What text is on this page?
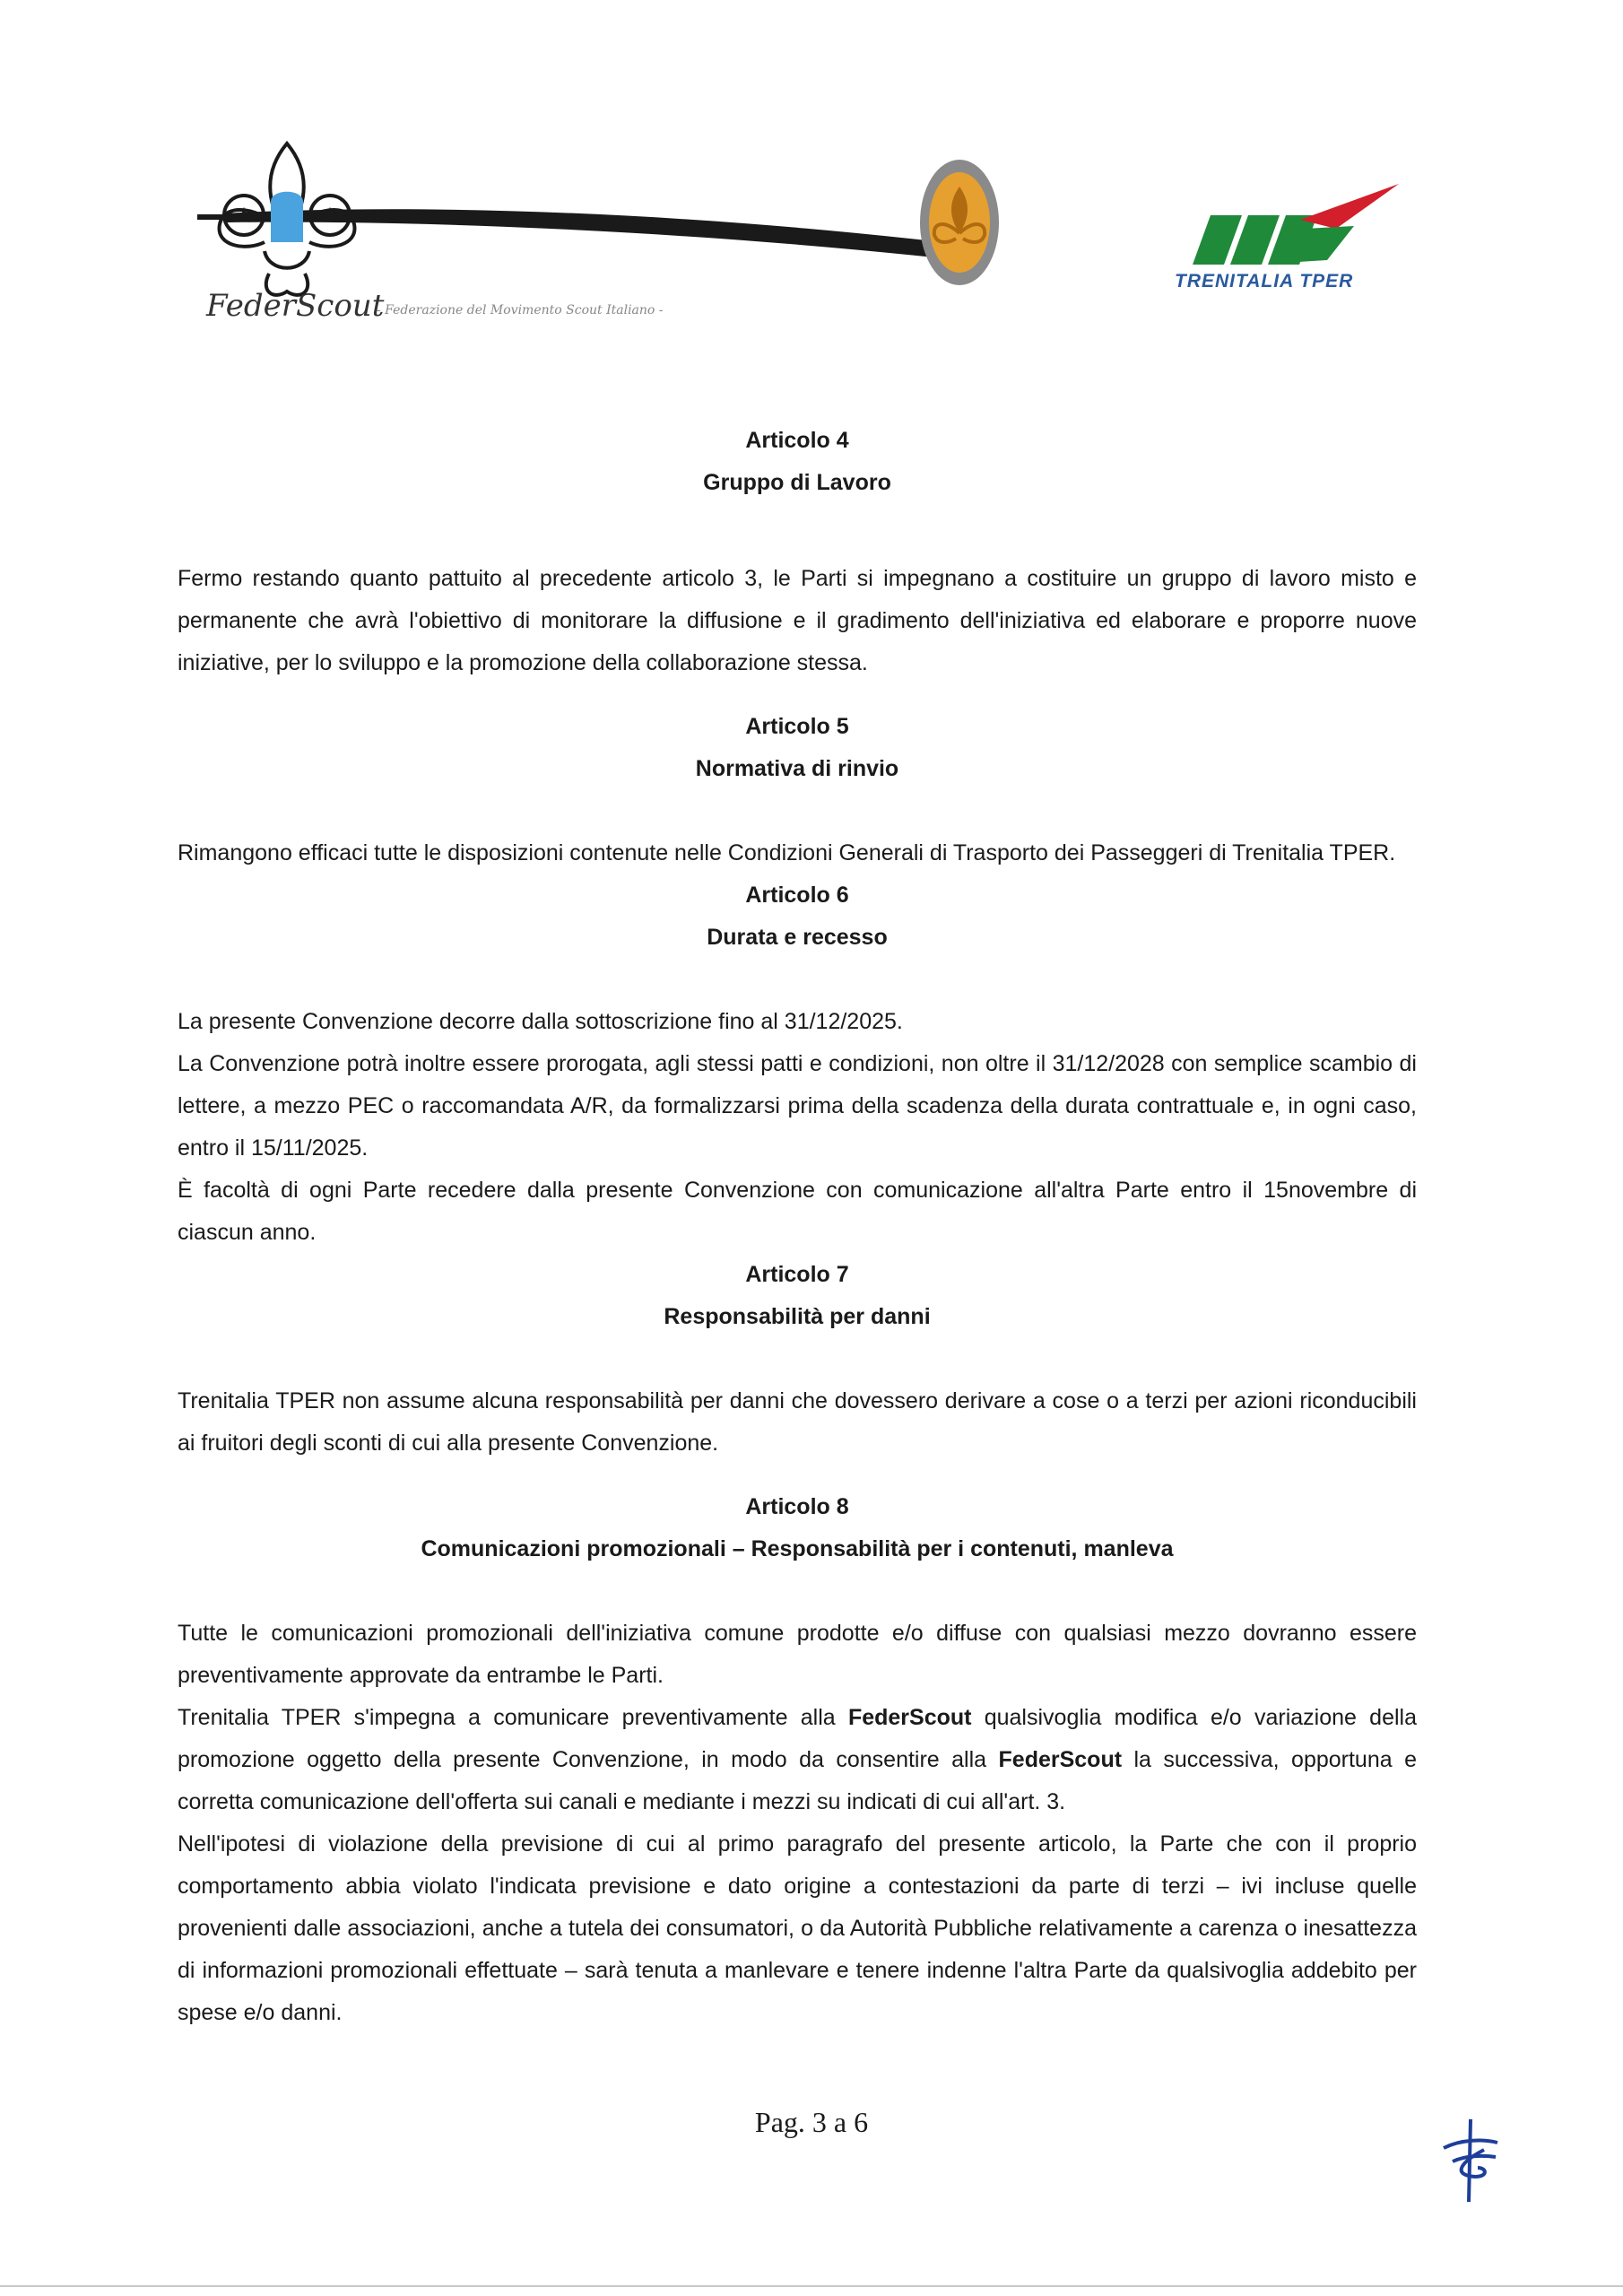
★	★
FederScout
- Federazione del Movimento Scout Italiano -
TRENITALIA TPER

Articolo 4

Gruppo di Lavoro

Fermo restando quanto pattuito al precedente articolo 3, le Parti si impegnano a costituire un gruppo di lavoro misto e permanente che avrà l'obiettivo di monitorare la diffusione e il gradimento dell'iniziativa ed elaborare e proporre nuove iniziative, per lo sviluppo e la promozione della collaborazione stessa.

Articolo 5

Normativa di rinvio

Rimangono efficaci tutte le disposizioni contenute nelle Condizioni Generali di Trasporto dei Passeggeri di Trenitalia TPER.

Articolo 6

Durata e recesso

La presente Convenzione decorre dalla sottoscrizione fino al 31/12/2025.

La Convenzione potrà inoltre essere prorogata, agli stessi patti e condizioni, non oltre il 31/12/2028 con semplice scambio di lettere, a mezzo PEC o raccomandata A/R, da formalizzarsi prima della scadenza della durata contrattuale e, in ogni caso, entro il 15/11/2025.

È facoltà di ogni Parte recedere dalla presente Convenzione con comunicazione all'altra Parte entro il 15novembre di ciascun anno.

Articolo 7

Responsabilità per danni

Trenitalia TPER non assume alcuna responsabilità per danni che dovessero derivare a cose o a terzi per azioni riconducibili ai fruitori degli sconti di cui alla presente Convenzione.

Articolo 8

Comunicazioni promozionali – Responsabilità per i contenuti, manleva

Tutte le comunicazioni promozionali dell'iniziativa comune prodotte e/o diffuse con qualsiasi mezzo dovranno essere preventivamente approvate da entrambe le Parti.

Trenitalia TPER s'impegna a comunicare preventivamente alla FederScout qualsivoglia modifica e/o variazione della promozione oggetto della presente Convenzione, in modo da consentire alla FederScout la successiva, opportuna e corretta comunicazione dell'offerta sui canali e mediante i mezzi su indicati di cui all'art. 3.

Nell'ipotesi di violazione della previsione di cui al primo paragrafo del presente articolo, la Parte che con il proprio comportamento abbia violato l'indicata previsione e dato origine a contestazioni da parte di terzi – ivi incluse quelle provenienti dalle associazioni, anche a tutela dei consumatori, o da Autorità Pubbliche relativamente a carenza o inesattezza di informazioni promozionali effettuate – sarà tenuta a manlevare e tenere indenne l'altra Parte da qualsivoglia addebito per spese e/o danni.

Pag. 3 a 6
